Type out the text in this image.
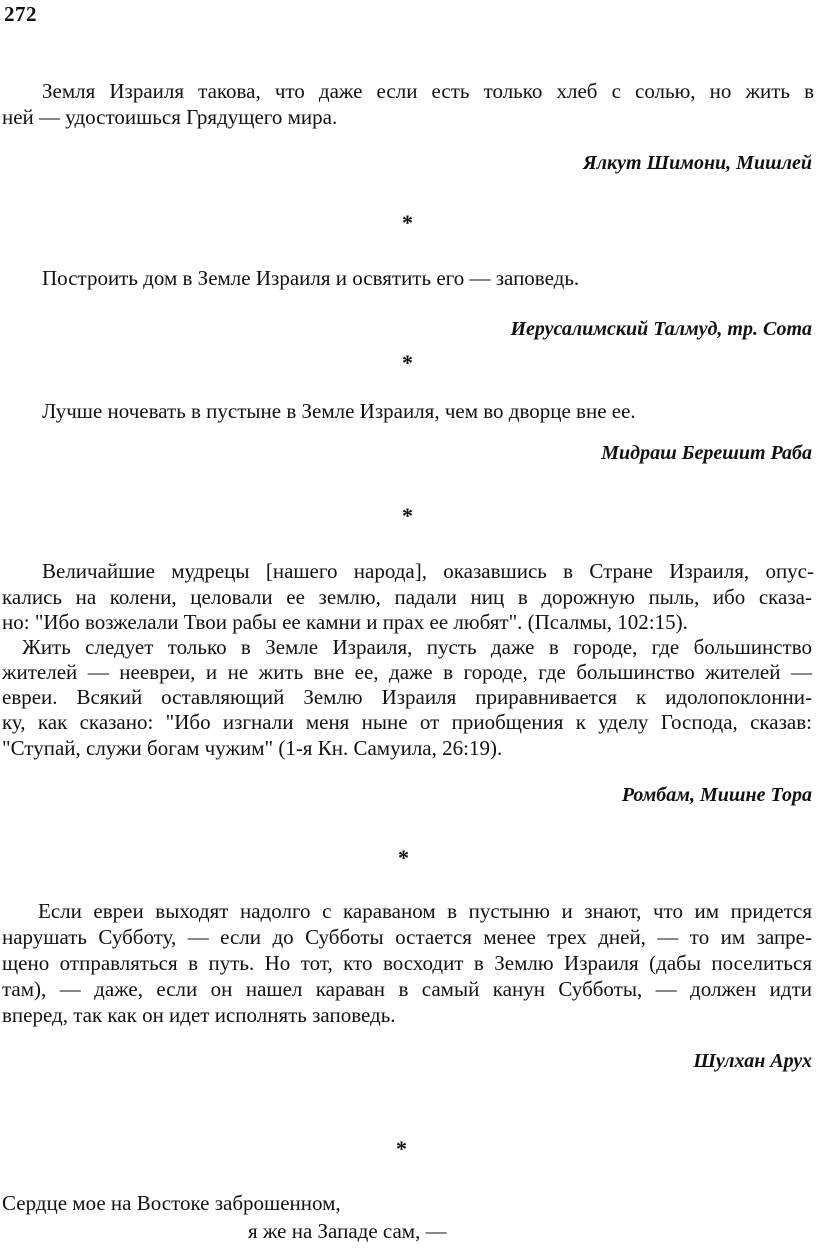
272
Земля Израиля такова, что даже если есть только хлеб с солью, но жить в
ней — удостоишься Грядущего мира.
Ялкут Шимони, Мишлей
*
Построить дом в Земле Израиля и освятить его — заповедь.
Иерусалимский Талмуд, тр. Сота
*
Лучше ночевать в пустыне в Земле Израиля, чем во дворце вне ее.
Мидраш Берешит Раба
*
Величайшие мудрецы [нашего народа], оказавшись в Стране Израиля, опус-
кались на колени, целовали ее землю, падали ниц в дорожную пыль, ибо сказа-
но: "Ибо возжелали Твои рабы ее камни и прах ее любят". (Псалмы, 102:15).
Жить следует только в Земле Израиля, пусть даже в городе, где большинство
жителей — неевреи, и не жить вне ее, даже в городе, где большинство жителей —
евреи. Всякий оставляющий Землю Израиля приравнивается к идолопоклонни-
ку, как сказано: "Ибо изгнали меня ныне от приобщения к уделу Господа, сказав:
"Ступай, служи богам чужим" (1-я Кн. Самуила, 26:19).
Ромбам, Мишне Тора
*
Если евреи выходят надолго с караваном в пустыню и знают, что им придется
нарушать Субботу, — если до Субботы остается менее трех дней, — то им запре-
щено отправляться в путь. Но тот, кто восходит в Землю Израиля (дабы поселиться
там), — даже, если он нашел караван в самый канун Субботы, — должен идти
вперед, так как он идет исполнять заповедь.
Шулхан Арух
*
Сердце мое на Востоке заброшенном,
я же на Западе сам, —
